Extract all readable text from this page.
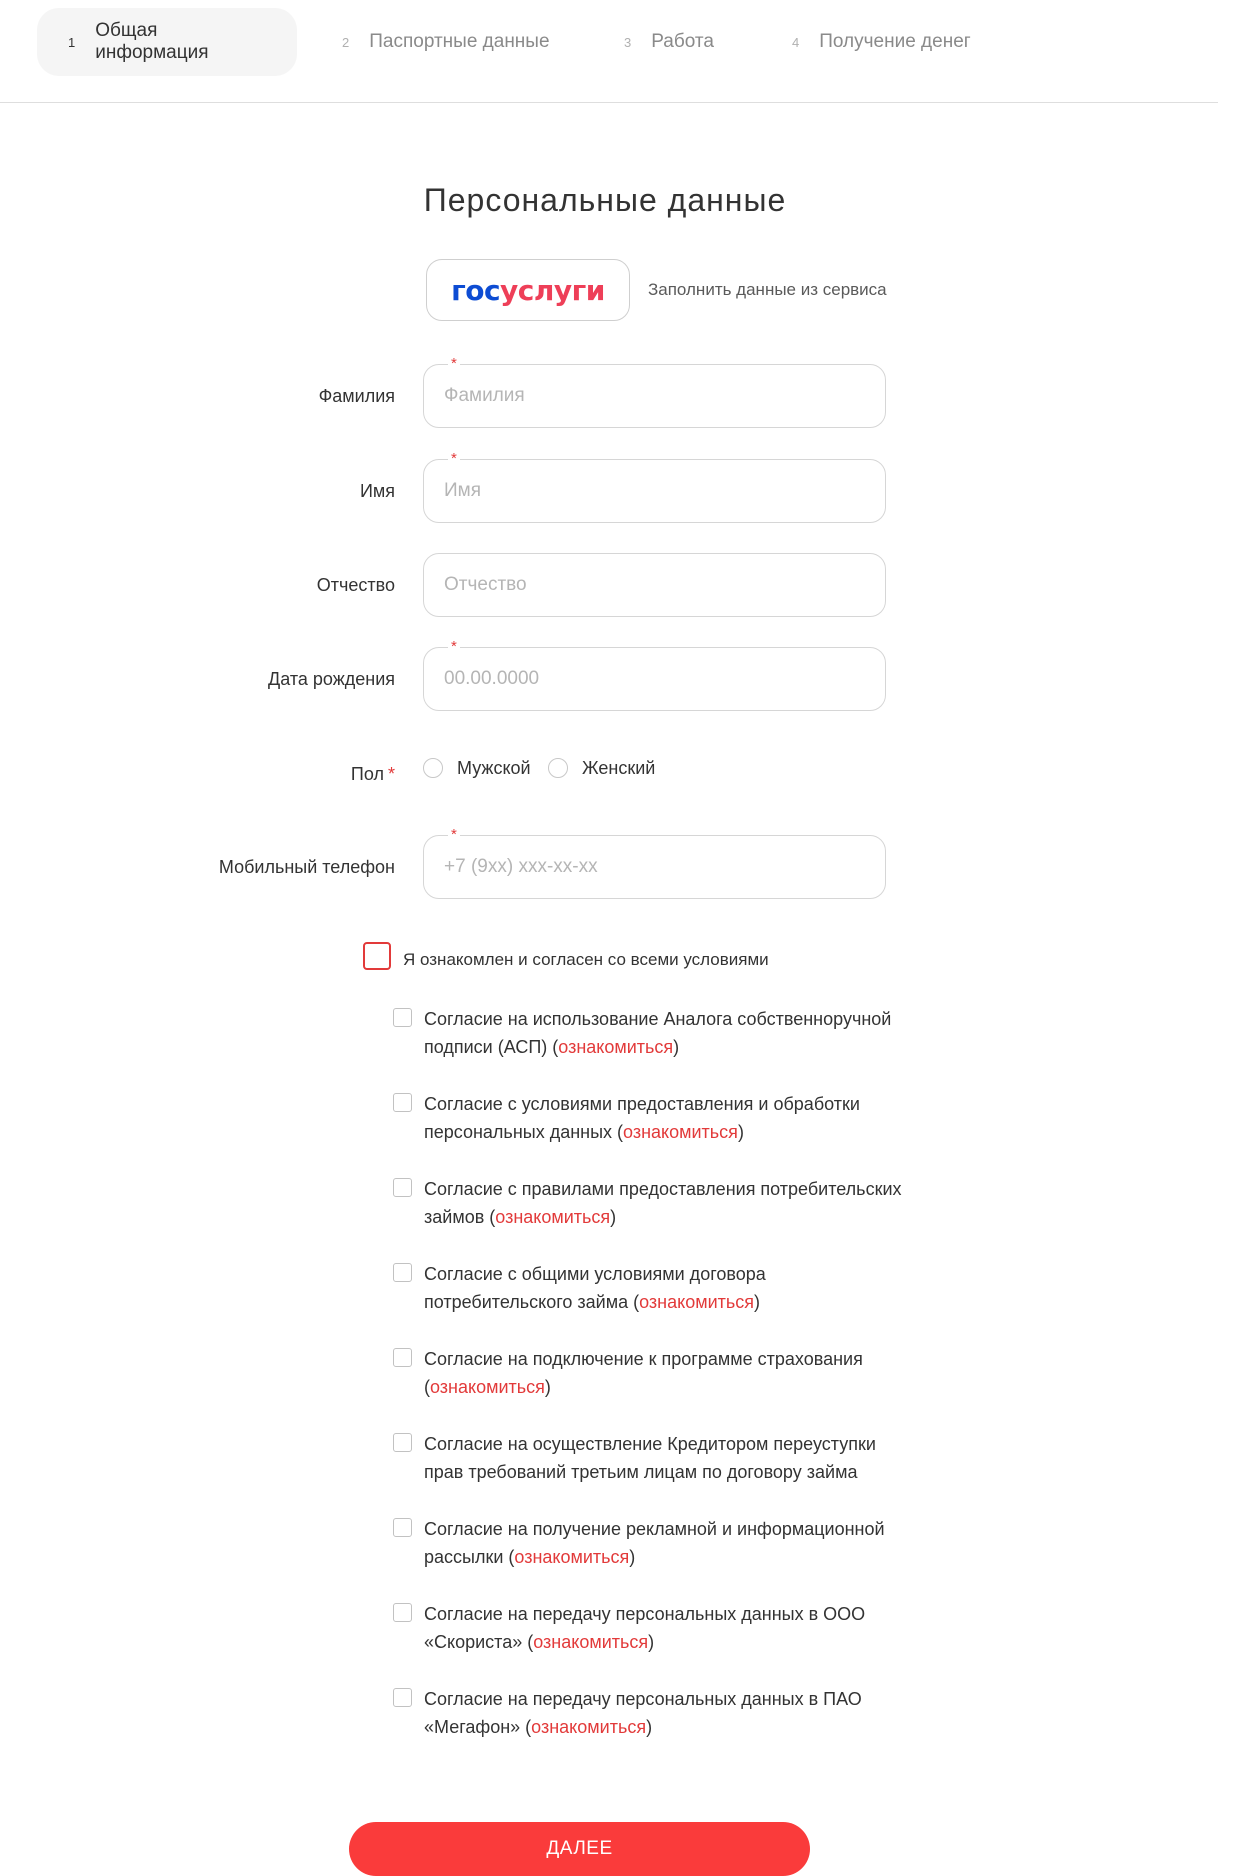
1
Общая информация	2 Паспортные данные	3 Работа	4 Получение денег
Персональные данные
госуслуги	Заполнить данные из сервиса
Фамилия
Фамилия
*
Имя
Имя
*
Отчество
Отчество
Дата рождения
00.00.0000
*
Пол *	Мужской	Женский
Мобильный телефон
+7 (9xx) xxx-xx-xx
*
Я ознакомлен и согласен со всеми условиями
Согласие на использование Аналога собственноручной подписи (АСП) (ознакомиться)
Согласие с условиями предоставления и обработки персональных данных (ознакомиться)
Согласие с правилами предоставления потребительских займов (ознакомиться)
Согласие с общими условиями договора потребительского займа (ознакомиться)
Согласие на подключение к программе страхования (ознакомиться)
Согласие на осуществление Кредитором переуступки прав требований третьим лицам по договору займа
Согласие на получение рекламной и информационной рассылки (ознакомиться)
Согласие на передачу персональных данных в ООО «Скориста» (ознакомиться)
Согласие на передачу персональных данных в ПАО «Мегафон» (ознакомиться)
ДАЛЕЕ
